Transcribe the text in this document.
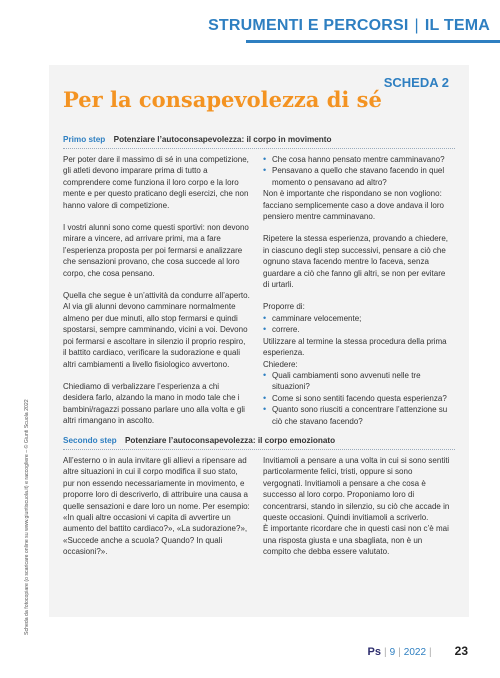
STRUMENTI E PERCORSI | IL TEMA
Scheda da fotocopiare (o scaricare online su www.giuntiscuola.it) e raccogliere – © Giunti Scuola 2022
SCHEDA 2
Per la consapevolezza di sé
Primo step Potenziare l’autoconsapevolezza: il corpo in movimento

Per poter dare il massimo di sé in una competizione, gli atleti devono imparare prima di tutto a comprendere come funziona il loro corpo e la loro mente e per questo praticano degli esercizi, che non hanno valore di competizione.

I vostri alunni sono come questi sportivi: non devono mirare a vincere, ad arrivare primi, ma a fare l’esperienza proposta per poi fermarsi e analizzare che sensazioni provano, che cosa succede al loro corpo, che cosa pensano.

Quella che segue è un’attività da condurre all’aperto.

Al via gli alunni devono camminare normalmente almeno per due minuti, allo stop fermarsi e quindi spostarsi, sempre camminando, vicini a voi. Devono poi fermarsi e ascoltare in silenzio il proprio respiro, il battito cardiaco, verificare la sudorazione e quali altri cambiamenti a livello fisiologico avvertono.

Chiediamo di verbalizzare l’esperienza a chi desidera farlo, alzando la mano in modo tale che i bambini/ragazzi possano parlare uno alla volta e gli altri rimangano in ascolto.

• Che cosa hanno pensato mentre camminavano?
• Pensavano a quello che stavano facendo in quel momento o pensavano ad altro?

Non è importante che rispondano se non vogliono: facciano semplicemente caso a dove andava il loro pensiero mentre camminavano.

Ripetere la stessa esperienza, provando a chiedere, in ciascuno degli step successivi, pensare a ciò che ognuno stava facendo mentre lo faceva, senza guardare a ciò che fanno gli altri, se non per evitare di urtarli.

Proporre di:

• camminare velocemente;
• correre.

Utilizzare al termine la stessa procedura della prima esperienza.

Chiedere:

• Quali cambiamenti sono avvenuti nelle tre situazioni?
• Come si sono sentiti facendo questa esperienza?
• Quanto sono riusciti a concentrare l’attenzione su ciò che stavano facendo?
Secondo step Potenziare l’autoconsapevolezza: il corpo emozionato

All’esterno o in aula invitare gli allievi a ripensare ad altre situazioni in cui il corpo modifica il suo stato, pur non essendo necessariamente in movimento, e proporre loro di descriverlo, di attribuire una causa a quelle sensazioni e dare loro un nome. Per esempio: «In quali altre occasioni vi capita di avvertire un aumento del battito cardiaco?», «La sudorazione?», «Succede anche a scuola? Quando? In quali occasioni?».

Invitiamoli a pensare a una volta in cui si sono sentiti particolarmente felici, tristi, oppure si sono vergognati. Invitiamoli a pensare a che cosa è successo al loro corpo. Proponiamo loro di concentrarsi, stando in silenzio, su ciò che accade in queste occasioni. Quindi invitiamoli a scriverlo.

È importante ricordare che in questi casi non c’è mai una risposta giusta e una sbagliata, non è un compito che debba essere valutato.

Ps | 9 | 2022 | 23
